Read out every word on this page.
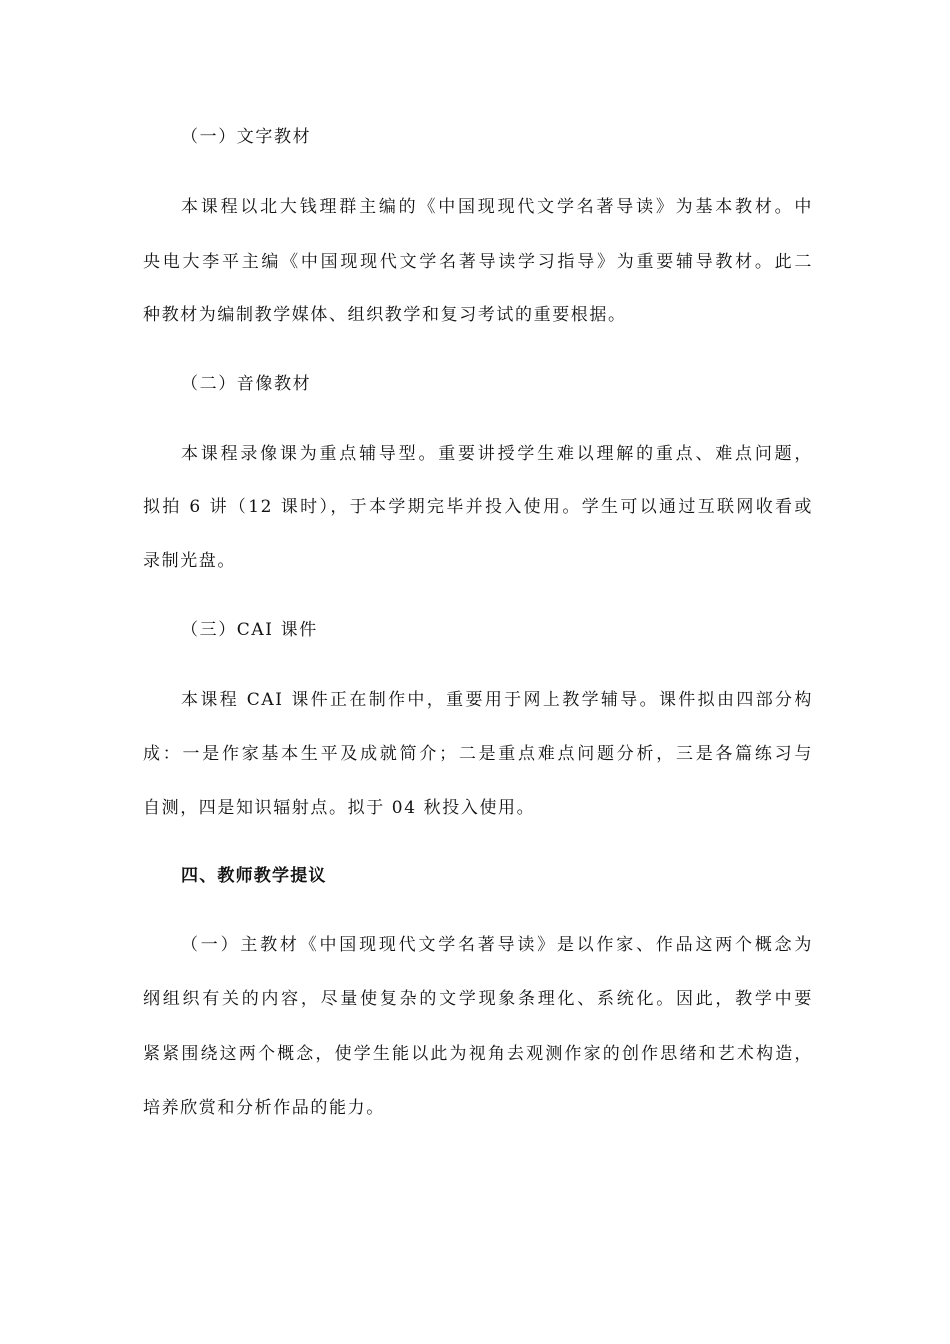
（一）文字教材
本课程以北大钱理群主编的《中国现现代文学名著导读》为基本教材。中
央电大李平主编《中国现现代文学名著导读学习指导》为重要辅导教材。此二
种教材为编制教学媒体、组织教学和复习考试的重要根据。
（二）音像教材
本课程录像课为重点辅导型。重要讲授学生难以理解的重点、难点问题，
拟拍 6 讲（12 课时），于本学期完毕并投入使用。学生可以通过互联网收看或
录制光盘。
（三）CAI 课件
本课程 CAI 课件正在制作中，重要用于网上教学辅导。课件拟由四部分构
成：一是作家基本生平及成就简介；二是重点难点问题分析，三是各篇练习与
自测，四是知识辐射点。拟于 04 秋投入使用。
四、教师教学提议
（一）主教材《中国现现代文学名著导读》是以作家、作品这两个概念为
纲组织有关的内容，尽量使复杂的文学现象条理化、系统化。因此，教学中要
紧紧围绕这两个概念，使学生能以此为视角去观测作家的创作思绪和艺术构造，
培养欣赏和分析作品的能力。
